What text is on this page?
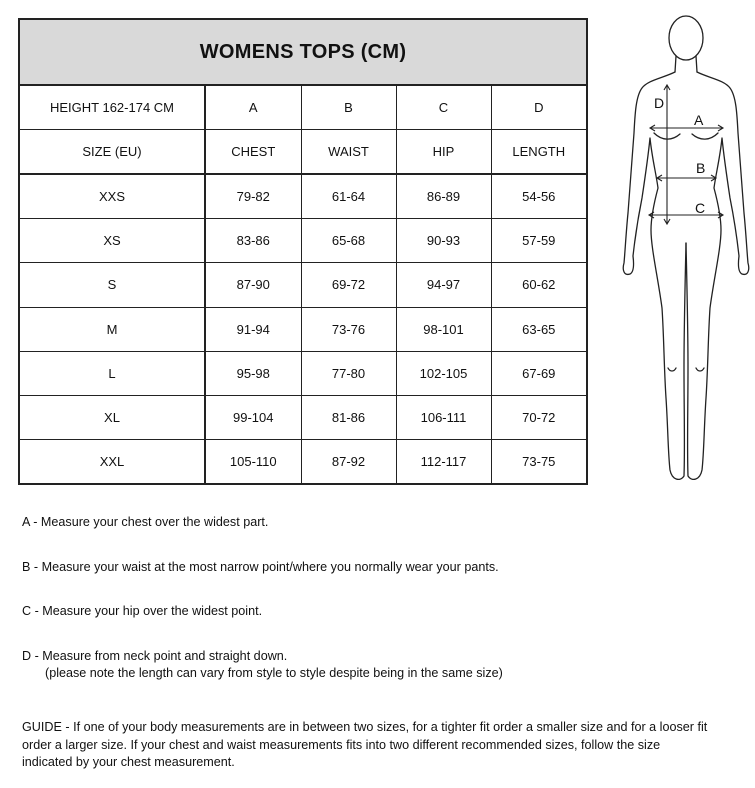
WOMENS TOPS (CM)				
HEIGHT 162-174 CM	A	B	C	D
SIZE (EU)	CHEST	WAIST	HIP	LENGTH
XXS	79-82	61-64	86-89	54-56
XS	83-86	65-68	90-93	57-59
S	87-90	69-72	94-97	60-62
M	91-94	73-76	98-101	63-65
L	95-98	77-80	102-105	67-69
XL	99-104	81-86	106-111	70-72
XXL	105-110	87-92	112-117	73-75
D
A
B
C
A - Measure your chest over the widest part.
B - Measure your waist at the most narrow point/where you normally wear your pants.
C - Measure your hip over the widest point.
D - Measure from neck point and straight down.
(please note the length can vary from style to style despite being in the same size)
GUIDE - If one of your body measurements are in between two sizes, for a tighter fit order a smaller size and for a looser fit order a larger size. If your chest and waist measurements fits into two different recommended sizes, follow the size indicated by your chest measurement.
